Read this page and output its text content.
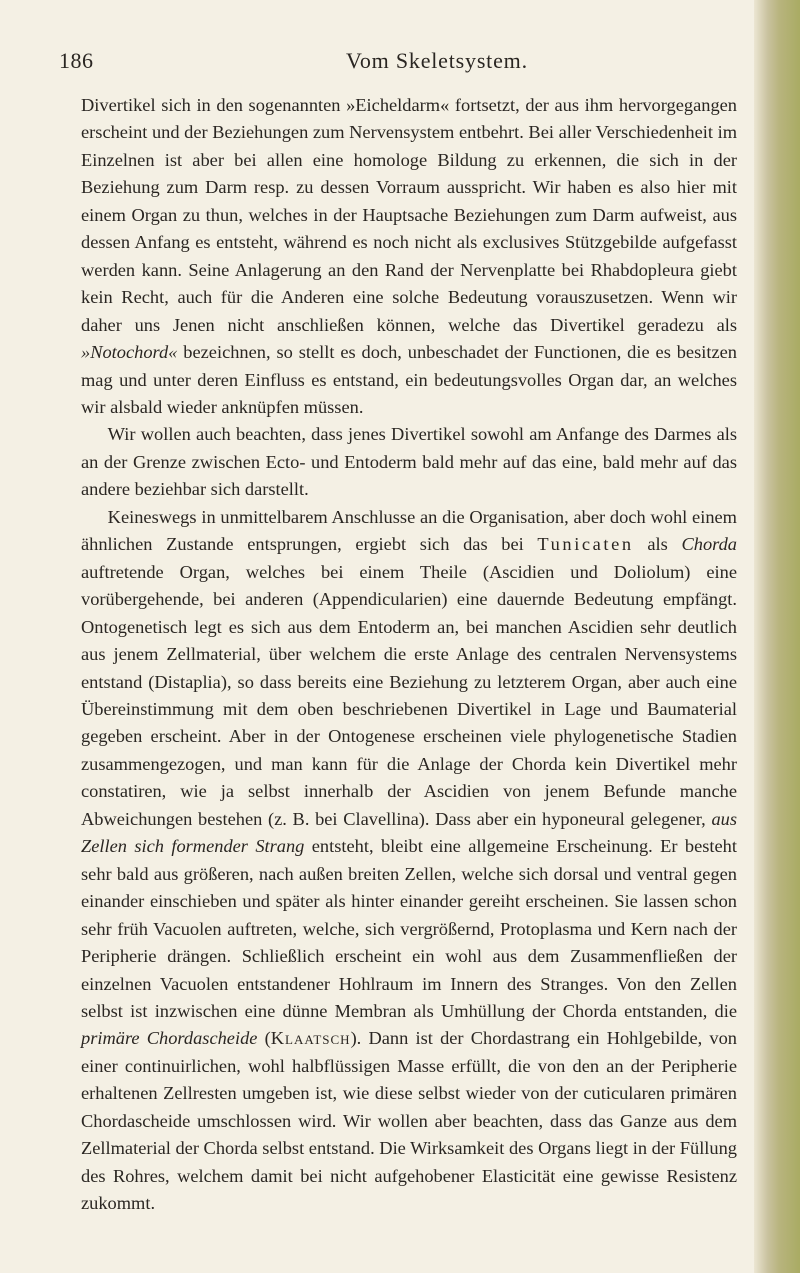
186	Vom Skeletsystem.

Divertikel sich in den sogenannten »Eicheldarm« fortsetzt, der aus ihm hervorgegangen erscheint und der Beziehungen zum Nervensystem entbehrt. Bei aller Verschiedenheit im Einzelnen ist aber bei allen eine homologe Bildung zu erkennen, die sich in der Beziehung zum Darm resp. zu dessen Vorraum ausspricht. Wir haben es also hier mit einem Organ zu thun, welches in der Hauptsache Beziehungen zum Darm aufweist, aus dessen Anfang es entsteht, während es noch nicht als exclusives Stützgebilde aufgefasst werden kann. Seine Anlagerung an den Rand der Nervenplatte bei Rhabdopleura giebt kein Recht, auch für die Anderen eine solche Bedeutung vorauszusetzen. Wenn wir daher uns Jenen nicht anschließen können, welche das Divertikel geradezu als »Notochord« bezeichnen, so stellt es doch, unbeschadet der Functionen, die es besitzen mag und unter deren Einfluss es entstand, ein bedeutungsvolles Organ dar, an welches wir alsbald wieder anknüpfen müssen.

Wir wollen auch beachten, dass jenes Divertikel sowohl am Anfange des Darmes als an der Grenze zwischen Ecto- und Entoderm bald mehr auf das eine, bald mehr auf das andere beziehbar sich darstellt.

Keineswegs in unmittelbarem Anschlusse an die Organisation, aber doch wohl einem ähnlichen Zustande entsprungen, ergiebt sich das bei Tunicaten als Chorda auftretende Organ, welches bei einem Theile (Ascidien und Doliolum) eine vorübergehende, bei anderen (Appendicularien) eine dauernde Bedeutung empfängt. Ontogenetisch legt es sich aus dem Entoderm an, bei manchen Ascidien sehr deutlich aus jenem Zellmaterial, über welchem die erste Anlage des centralen Nervensystems entstand (Distaplia), so dass bereits eine Beziehung zu letzterem Organ, aber auch eine Übereinstimmung mit dem oben beschriebenen Divertikel in Lage und Baumaterial gegeben erscheint. Aber in der Ontogenese erscheinen viele phylogenetische Stadien zusammengezogen, und man kann für die Anlage der Chorda kein Divertikel mehr constatiren, wie ja selbst innerhalb der Ascidien von jenem Befunde manche Abweichungen bestehen (z. B. bei Clavellina). Dass aber ein hyponeural gelegener, aus Zellen sich formender Strang entsteht, bleibt eine allgemeine Erscheinung. Er besteht sehr bald aus größeren, nach außen breiten Zellen, welche sich dorsal und ventral gegen einander einschieben und später als hinter einander gereiht erscheinen. Sie lassen schon sehr früh Vacuolen auftreten, welche, sich vergrößernd, Protoplasma und Kern nach der Peripherie drängen. Schließlich erscheint ein wohl aus dem Zusammenfließen der einzelnen Vacuolen entstandener Hohlraum im Innern des Stranges. Von den Zellen selbst ist inzwischen eine dünne Membran als Umhüllung der Chorda entstanden, die primäre Chordascheide (Klaatsch). Dann ist der Chordastrang ein Hohlgebilde, von einer continuirlichen, wohl halbflüssigen Masse erfüllt, die von den an der Peripherie erhaltenen Zellresten umgeben ist, wie diese selbst wieder von der cuticularen primären Chordascheide umschlossen wird. Wir wollen aber beachten, dass das Ganze aus dem Zellmaterial der Chorda selbst entstand. Die Wirksamkeit des Organs liegt in der Füllung des Rohres, welchem damit bei nicht aufgehobener Elasticität eine gewisse Resistenz zukommt.
